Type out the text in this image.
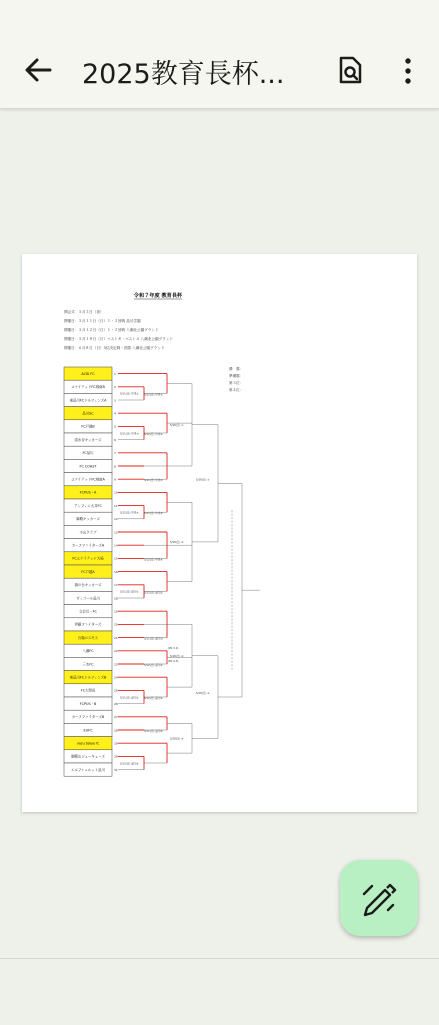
2025教育長杯...
令和７年度 教育長杯
開会式：５月３日（祝）
開催日：５月１１日（日）１・２回戦 品川学園
開催日：５月１２日（日）１・２回戦 八潮北公園グランド
開催日：５月１８日（日）ベスト８・ベスト４ 八潮北公園グランド
開催日：６月８日（日）3位決定戦・決勝 八潮北公園グランド
優　勝：
準優勝：
第３位：
第４位：
ALTA FC	1
ユナイテッドFC城南B	2
東品川FCドルフィンズA	3
品川SC	4
FC戸越B	5
清水谷キッカーズ	6
FC品川	7
FC COAST	8
ユナイテッドFC城南A	9
FCPUS・A	10
アンフィニ大井FC	11
御殿キッカーズ	12
小山クラブ	13
カーフファイターズA	14
FCユナイテッド大崎	15
FC戸越A	16
旗の台キッカーズ	17
ヴィゴール品川	18
立会川・FC	19
伊藤ファイターズ	20
台場ロスモス	21
八潮FC	22
三木FC	23
東品川FCドルフィンズB	24
FC大岡田	25
FCPUS・B	26
カーフファイターズB	27
EUFC	28
vasu tokyo fc	29
御殿山ジューキューズ	30
エルフシェルット品川	31
5/11(日) 中央① 5/12(日) 中央②
5/11(日) 中央③ 5/12(日) 中央④
5/11(日) 中央⑤
5/12(日) 中央⑥ 5/11(日) 中央⑦
5/12(日) 中央⑧
5/11(日) 品川① 5/12(日) 品川②
5/11(日) 品川③
5/12(日) 品川④
5/11(日) 品川⑤ 5/12(日) 品川⑥
5/11(日) 品川⑦
5/12(日) 品川⑧
5/18(日) ①
5/18(日) ②
5/18(日) ③
5/18(日) ④
5/18(日) ⑤
5/18(日) ⑥
(PK 3-1)
(PK 4-3)
